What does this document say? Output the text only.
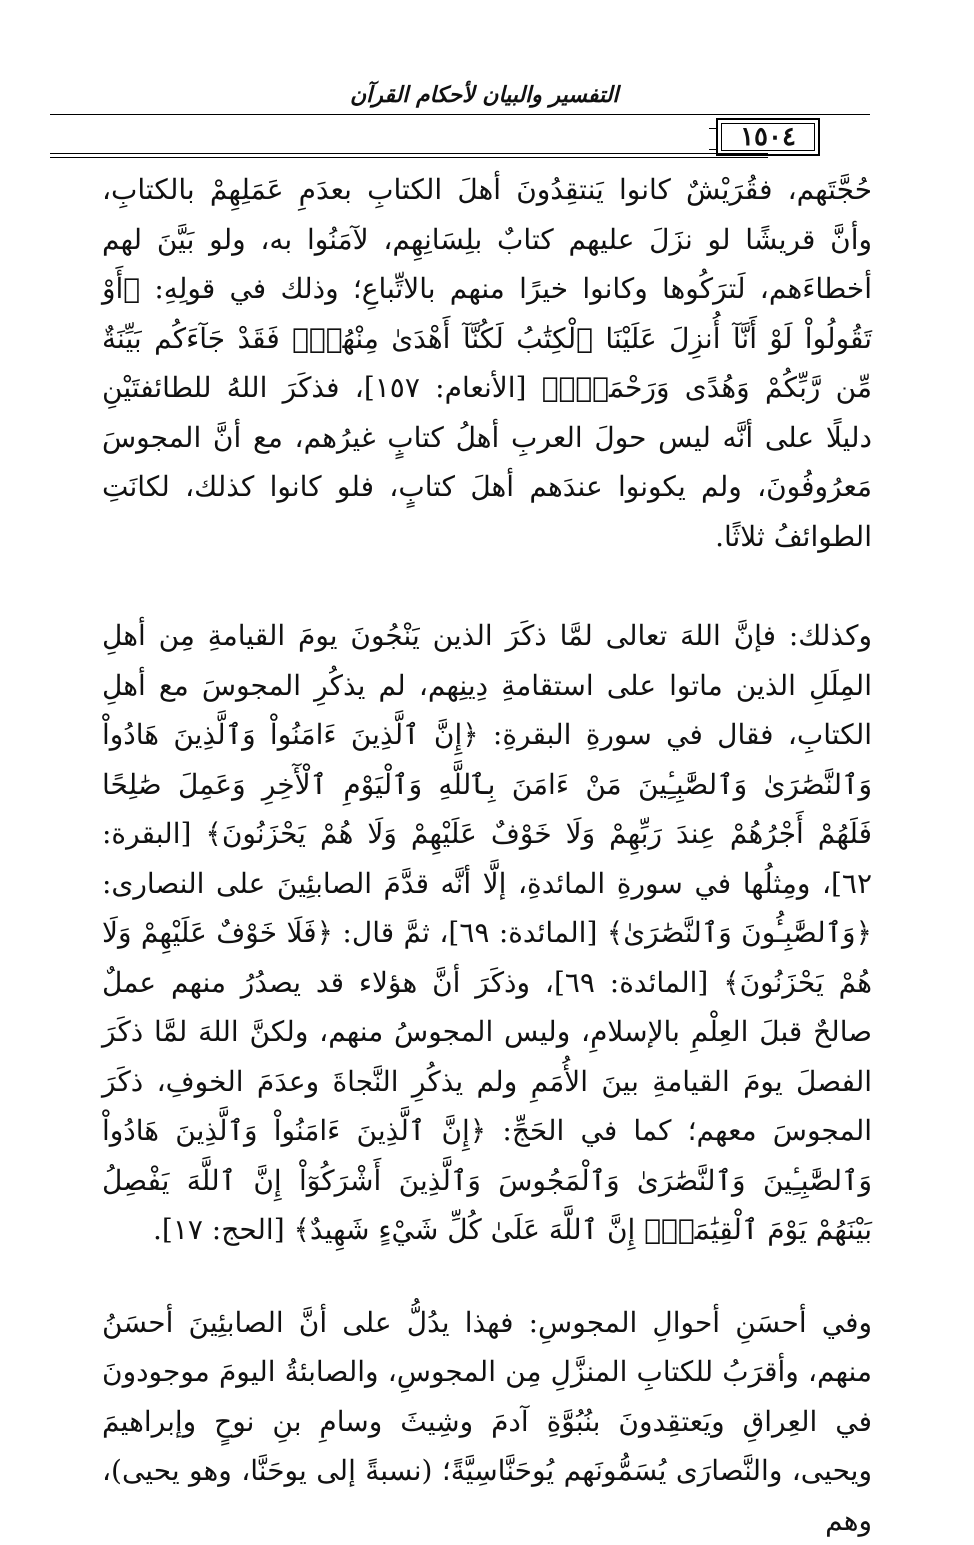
التفسير والبيان لأحكام القرآن
١٥٠٤

حُجَّتَهم، فقُرَيْشٌ كانوا يَنتقِدُونَ أهلَ الكتابِ بعدَمِ عَمَلِهِمْ بالكتابِ، وأنَّ قريشًا لو نزَلَ عليهم كتابٌ بلِسَانِهِم، لآمَنُوا به، ولو بَيَّنَ لهم أخطاءَهم، لَترَكُوها وكانوا خيرًا منهم بالاتِّباعِ؛ وذلك في قولِهِ: ﴿أَوْ تَقُولُواْ لَوْ أَنَّآ أُنزِلَ عَلَيْنَا ٱلْكِتَٰبُ لَكُنَّآ أَهْدَىٰ مِنْهُمْۚ فَقَدْ جَآءَكُم بَيِّنَةٌ مِّن رَّبِّكُمْ وَهُدًى وَرَحْمَةٌۚ﴾ [الأنعام: ١٥٧]، فذكَرَ اللهُ للطائفتَيْنِ دليلًا على أنَّه ليس حولَ العربِ أهلُ كتابٍ غيرُهم، مع أنَّ المجوسَ مَعرُوفُونَ، ولم يكونوا عندَهم أهلَ كتابٍ، فلو كانوا كذلك، لكانَتِ الطوائفُ ثلاثًا.

وكذلك: فإنَّ اللهَ تعالى لمَّا ذكَرَ الذين يَنْجُونَ يومَ القيامةِ مِن أهلِ المِلَلِ الذين ماتوا على استقامةِ دِينِهم، لم يذكُرِ المجوسَ مع أهلِ الكتابِ، فقال في سورةِ البقرةِ: ﴿إِنَّ ٱلَّذِينَ ءَامَنُواْ وَٱلَّذِينَ هَادُواْ وَٱلنَّصَٰرَىٰ وَٱلصَّٰبِـِٔينَ مَنْ ءَامَنَ بِٱللَّهِ وَٱلْيَوْمِ ٱلْأٓخِرِ وَعَمِلَ صَٰلِحًا فَلَهُمْ أَجْرُهُمْ عِندَ رَبِّهِمْ وَلَا خَوْفٌ عَلَيْهِمْ وَلَا هُمْ يَحْزَنُونَ﴾ [البقرة: ٦٢]، ومِثلُها في سورةِ المائدةِ، إلَّا أنَّه قدَّمَ الصابئِينَ على النصارى: ﴿وَٱلصَّٰبِـُٔونَ وَٱلنَّصَٰرَىٰ﴾ [المائدة: ٦٩]، ثمَّ قال: ﴿فَلَا خَوْفٌ عَلَيْهِمْ وَلَا هُمْ يَحْزَنُونَ﴾ [المائدة: ٦٩]، وذكَرَ أنَّ هؤلاء قد يصدُرُ منهم عملٌ صالحٌ قبلَ العِلْمِ بالإسلامِ، وليس المجوسُ منهم، ولكنَّ اللهَ لمَّا ذكَرَ الفصلَ يومَ القيامةِ بينَ الأُمَمِ ولم يذكُرِ النَّجاةَ وعدَمَ الخوفِ، ذكَرَ المجوسَ معهم؛ كما في الحَجِّ: ﴿إِنَّ ٱلَّذِينَ ءَامَنُواْ وَٱلَّذِينَ هَادُواْ وَٱلصَّٰبِـِٔينَ وَٱلنَّصَٰرَىٰ وَٱلْمَجُوسَ وَٱلَّذِينَ أَشْرَكُوٓاْ إِنَّ ٱللَّهَ يَفْصِلُ بَيْنَهُمْ يَوْمَ ٱلْقِيَٰمَةِۚ إِنَّ ٱللَّهَ عَلَىٰ كُلِّ شَيْءٍ شَهِيدٌ﴾ [الحج: ١٧].

وفي أحسَنِ أحوالِ المجوسِ: فهذا يدُلُّ على أنَّ الصابئِينَ أحسَنُ منهم، وأقرَبُ للكتابِ المنزَّلِ مِن المجوسِ، والصابئةُ اليومَ موجودونَ في العِراقِ ويَعتقِدونَ بنُبُوَّةِ آدمَ وشِيثَ وسامِ بنِ نوحٍ وإبراهيمَ ويحيى، والنَّصارَى يُسَمُّونَهم يُوحَنَّاسِيَّةً؛ (نسبةً إلى يوحَنَّا، وهو يحيى)، وهم
